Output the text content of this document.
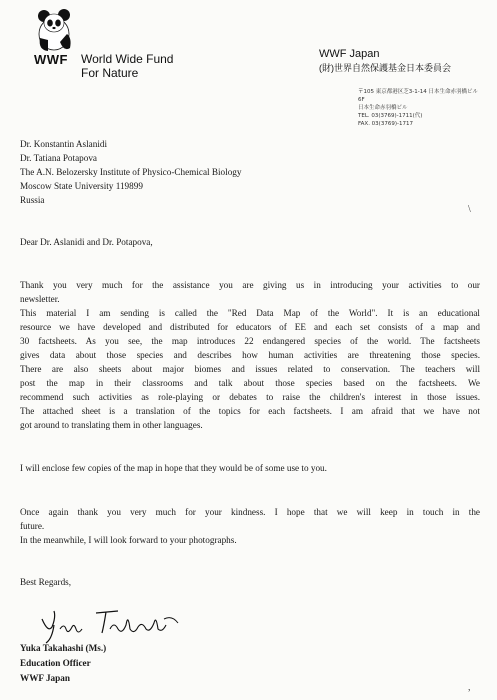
WWF World Wide Fund
For Nature
WWF Japan
(財)世界自然保護基金日本委員会
〒105 東京都港区芝3-1-14 日本生命赤羽橋ビル6F
日本生命赤羽橋ビル
TEL. 03(3769)-1711(代)
FAX. 03(3769)-1717
Dr. Konstantin Aslanidi
Dr. Tatiana Potapova
The A.N. Belozersky Institute of Physico-Chemical Biology
Moscow State University 119899
Russia
Dear Dr. Aslanidi and Dr. Potapova,
Thank you very much for the assistance you are giving us in introducing your activities to our
newsletter.
This material I am sending is called the "Red Data Map of the World". It is an educational
resource we have developed and distributed for educators of EE and each set consists of a map and
30 factsheets. As you see, the map introduces 22 endangered species of the world. The factsheets
gives data about those species and describes how human activities are threatening those species.
There are also sheets about major biomes and issues related to conservation. The teachers will
post the map in their classrooms and talk about those species based on the factsheets. We
recommend such activities as role-playing or debates to raise the children's interest in those issues.
The attached sheet is a translation of the topics for each factsheets. I am afraid that we have not
got around to translating them in other languages.
I will enclose few copies of the map in hope that they would be of some use to you.
Once again thank you very much for your kindness. I hope that we will keep in touch in the
future.
In the meanwhile, I will look forward to your photographs.
Best Regards,
Yuka Takahashi (Ms.)
Education Officer
WWF Japan
\
,
